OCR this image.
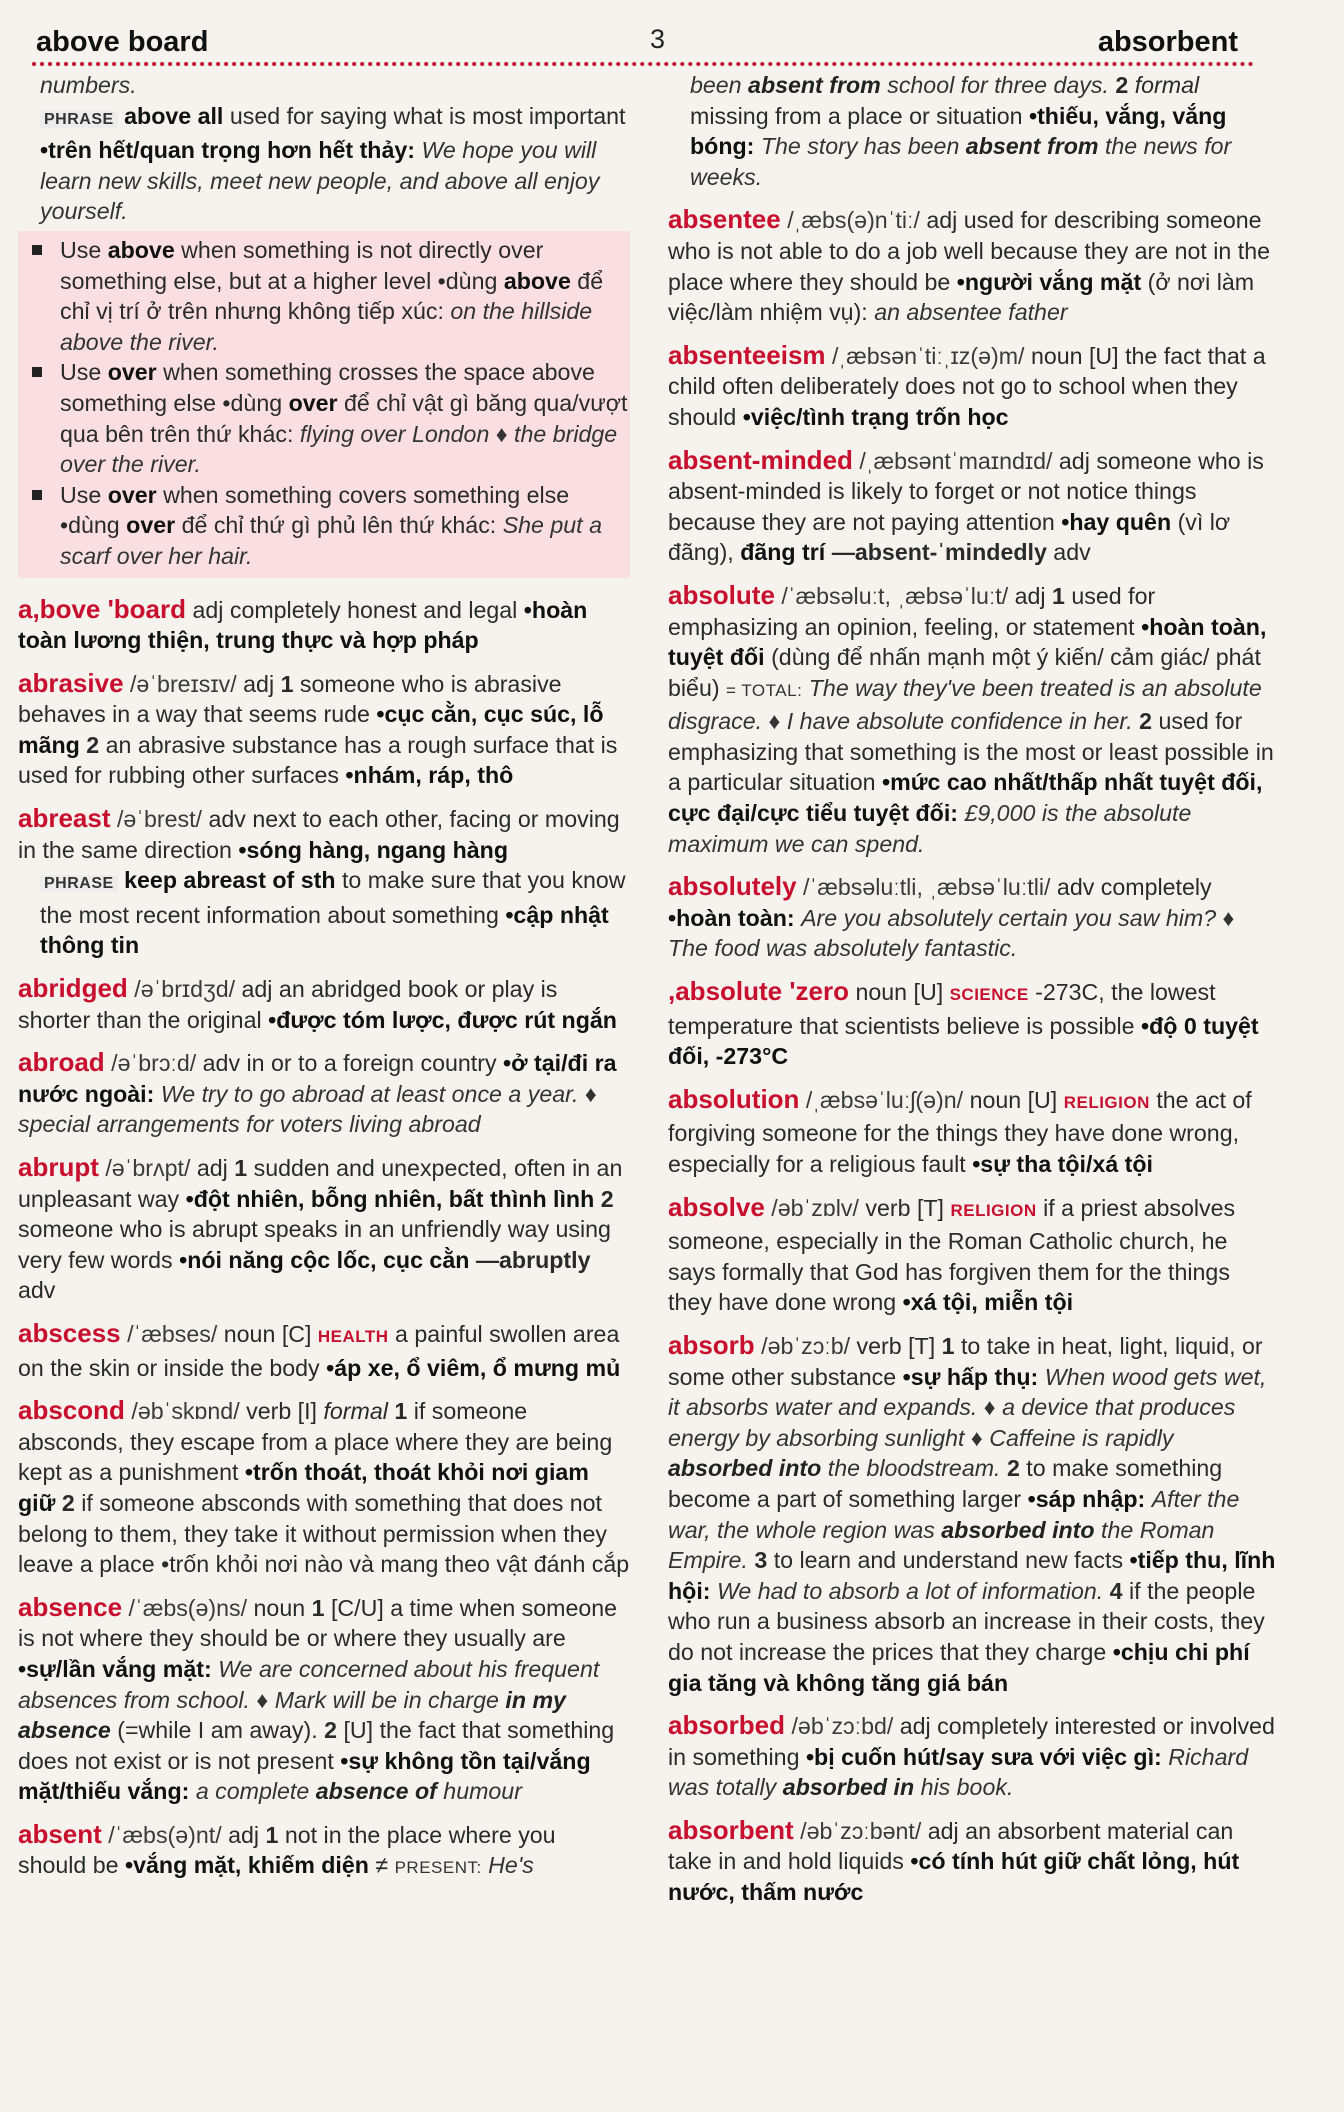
above board	3	absorbent

numbers.

PHRASE above all used for saying what is most important •trên hết/quan trọng hơn hết thảy: We hope you will learn new skills, meet new people, and above all enjoy yourself.

Use above when something is not directly over something else, but at a higher level •dùng above để chỉ vị trí ở trên nhưng không tiếp xúc: on the hillside above the river.

Use over when something crosses the space above something else •dùng over để chỉ vật gì băng qua/vượt qua bên trên thứ khác: flying over London ♦ the bridge over the river.

Use over when something covers something else •dùng over để chỉ thứ gì phủ lên thứ khác: She put a scarf over her hair.

a,bove 'board adj completely honest and legal •hoàn toàn lương thiện, trung thực và hợp pháp

abrasive /əˈbreɪsɪv/ adj 1 someone who is abrasive behaves in a way that seems rude •cục cằn, cục súc, lỗ mãng 2 an abrasive substance has a rough surface that is used for rubbing other surfaces •nhám, ráp, thô

abreast /əˈbrest/ adv next to each other, facing or moving in the same direction •sóng hàng, ngang hàng

PHRASE keep abreast of sth to make sure that you know the most recent information about something •cập nhật thông tin

abridged /əˈbrɪdʒd/ adj an abridged book or play is shorter than the original •được tóm lược, được rút ngắn

abroad /əˈbrɔːd/ adv in or to a foreign country •ở tại/đi ra nước ngoài: We try to go abroad at least once a year. ♦ special arrangements for voters living abroad

abrupt /əˈbrʌpt/ adj 1 sudden and unexpected, often in an unpleasant way •đột nhiên, bỗng nhiên, bất thình lình 2 someone who is abrupt speaks in an unfriendly way using very few words •nói năng cộc lốc, cục cằn —abruptly adv

abscess /ˈæbses/ noun [C] HEALTH a painful swollen area on the skin or inside the body •áp xe, ổ viêm, ổ mưng mủ

abscond /əbˈskɒnd/ verb [I] formal 1 if someone absconds, they escape from a place where they are being kept as a punishment •trốn thoát, thoát khỏi nơi giam giữ 2 if someone absconds with something that does not belong to them, they take it without permission when they leave a place •trốn khỏi nơi nào và mang theo vật đánh cắp

absence /ˈæbs(ə)ns/ noun 1 [C/U] a time when someone is not where they should be or where they usually are •sự/lần vắng mặt: We are concerned about his frequent absences from school. ♦ Mark will be in charge in my absence (=while I am away). 2 [U] the fact that something does not exist or is not present •sự không tồn tại/vắng mặt/thiếu vắng: a complete absence of humour

absent /ˈæbs(ə)nt/ adj 1 not in the place where you should be •vắng mặt, khiếm diện ≠ PRESENT: He's

been absent from school for three days. 2 formal missing from a place or situation •thiếu, vắng, vắng bóng: The story has been absent from the news for weeks.

absentee /ˌæbs(ə)nˈtiː/ adj used for describing someone who is not able to do a job well because they are not in the place where they should be •người vắng mặt (ở nơi làm việc/làm nhiệm vụ): an absentee father

absenteeism /ˌæbsənˈtiːˌɪz(ə)m/ noun [U] the fact that a child often deliberately does not go to school when they should •việc/tình trạng trốn học

absent-minded /ˌæbsəntˈmaɪndɪd/ adj someone who is absent-minded is likely to forget or not notice things because they are not paying attention •hay quên (vì lơ đãng), đãng trí —absent-ˈmindedly adv

absolute /ˈæbsəluːt, ˌæbsəˈluːt/ adj 1 used for emphasizing an opinion, feeling, or statement •hoàn toàn, tuyệt đối (dùng để nhấn mạnh một ý kiến/ cảm giác/ phát biểu) = TOTAL: The way they've been treated is an absolute disgrace. ♦ I have absolute confidence in her. 2 used for emphasizing that something is the most or least possible in a particular situation •mức cao nhất/thấp nhất tuyệt đối, cực đại/cực tiểu tuyệt đối: £9,000 is the absolute maximum we can spend.

absolutely /ˈæbsəluːtli, ˌæbsəˈluːtli/ adv completely •hoàn toàn: Are you absolutely certain you saw him? ♦ The food was absolutely fantastic.

,absolute 'zero noun [U] SCIENCE -273C, the lowest temperature that scientists believe is possible •độ 0 tuyệt đối, -273°C

absolution /ˌæbsəˈluːʃ(ə)n/ noun [U] RELIGION the act of forgiving someone for the things they have done wrong, especially for a religious fault •sự tha tội/xá tội

absolve /əbˈzɒlv/ verb [T] RELIGION if a priest absolves someone, especially in the Roman Catholic church, he says formally that God has forgiven them for the things they have done wrong •xá tội, miễn tội

absorb /əbˈzɔːb/ verb [T] 1 to take in heat, light, liquid, or some other substance •sự hấp thụ: When wood gets wet, it absorbs water and expands. ♦ a device that produces energy by absorbing sunlight ♦ Caffeine is rapidly absorbed into the bloodstream. 2 to make something become a part of something larger •sáp nhập: After the war, the whole region was absorbed into the Roman Empire. 3 to learn and understand new facts •tiếp thu, lĩnh hội: We had to absorb a lot of information. 4 if the people who run a business absorb an increase in their costs, they do not increase the prices that they charge •chịu chi phí gia tăng và không tăng giá bán

absorbed /əbˈzɔːbd/ adj completely interested or involved in something •bị cuốn hút/say sưa với việc gì: Richard was totally absorbed in his book.

absorbent /əbˈzɔːbənt/ adj an absorbent material can take in and hold liquids •có tính hút giữ chất lỏng, hút nước, thấm nước
